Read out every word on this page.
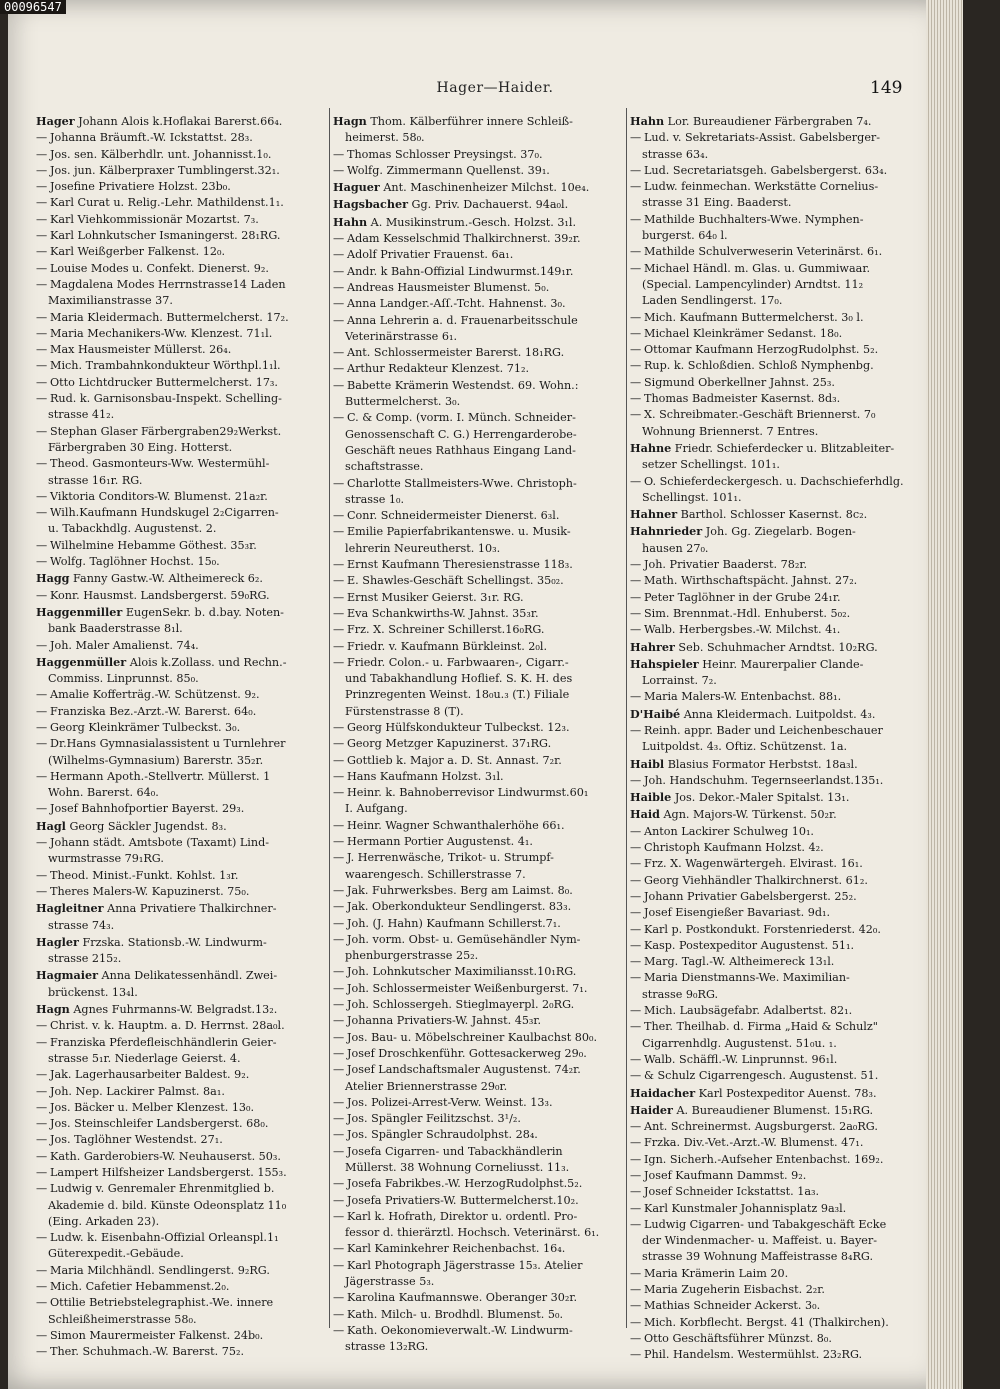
00096547
Hager—Haider.	149
Hager Johann Alois k.Hoflakai Barerst.66₄.
— Johanna Bräumft.-W. Ickstattst. 28₃.
— Jos. sen. Kälberhdlr. unt. Johannisst.1₀.
— Jos. jun. Kälberpraxer Tumblingerst.32₁.
— Josefine Privatiere Holzst. 23b₀.
— Karl Curat u. Relig.-Lehr. Mathildenst.1₁.
— Karl Viehkommissionär Mozartst. 7₃.
— Karl Lohnkutscher Ismaningerst. 28₁RG.
— Karl Weißgerber Falkenst. 12₀.
— Louise Modes u. Confekt. Dienerst. 9₂.
— Magdalena Modes Herrnstrasse14 Laden
Maximilianstrasse 37.
— Maria Kleidermach. Buttermelcherst. 17₂.
— Maria Mechanikers-Ww. Klenzest. 71₁l.
— Max Hausmeister Müllerst. 26₄.
— Mich. Trambahnkondukteur Wörthpl.1₁l.
— Otto Lichtdrucker Buttermelcherst. 17₃.
— Rud. k. Garnisonsbau-Inspekt. Schelling-
strasse 41₂.
— Stephan Glaser Färbergraben29₂Werkst.
Färbergraben 30 Eing. Hotterst.
— Theod. Gasmonteurs-Ww. Westermühl-
strasse 16₁r. RG.
— Viktoria Conditors-W. Blumenst. 21a₂r.
— Wilh.Kaufmann Hundskugel 2₂Cigarren-
u. Tabackhdlg. Augustenst. 2.
— Wilhelmine Hebamme Göthest. 35₃r.
— Wolfg. Taglöhner Hochst. 15₀.
Hagg Fanny Gastw.-W. Altheimereck 6₂.
— Konr. Hausmst. Landsbergerst. 59₀RG.
Haggenmiller EugenSekr. b. d.bay. Noten-
bank Baaderstrasse 8₁l.
— Joh. Maler Amalienst. 74₄.
Haggenmüller Alois k.Zollass. und Rechn.-
Commiss. Linprunnst. 85₀.
— Amalie Kofferträg.-W. Schützenst. 9₂.
— Franziska Bez.-Arzt.-W. Barerst. 64₀.
— Georg Kleinkrämer Tulbeckst. 3₀.
— Dr.Hans Gymnasialassistent u Turnlehrer
(Wilhelms-Gymnasium) Barerstr. 35₂r.
— Hermann Apoth.-Stellvertr. Müllerst. 1
Wohn. Barerst. 64₀.
— Josef Bahnhofportier Bayerst. 29₃.
Hagl Georg Säckler Jugendst. 8₃.
— Johann städt. Amtsbote (Taxamt) Lind-
wurmstrasse 79₁RG.
— Theod. Minist.-Funkt. Kohlst. 1₃r.
— Theres Malers-W. Kapuzinerst. 75₀.
Hagleitner Anna Privatiere Thalkirchner-
strasse 74₃.
Hagler Frzska. Stationsb.-W. Lindwurm-
strasse 215₂.
Hagmaier Anna Delikatessenhändl. Zwei-
brückenst. 13₄l.
Hagn Agnes Fuhrmanns-W. Belgradst.13₂.
— Christ. v. k. Hauptm. a. D. Herrnst. 28a₀l.
— Franziska Pferdefleischhändlerin Geier-
strasse 5₁r. Niederlage Geierst. 4.
— Jak. Lagerhausarbeiter Baldest. 9₂.
— Joh. Nep. Lackirer Palmst. 8a₁.
— Jos. Bäcker u. Melber Klenzest. 13₀.
— Jos. Steinschleifer Landsbergerst. 68₀.
— Jos. Taglöhner Westendst. 27₁.
— Kath. Garderobiers-W. Neuhauserst. 50₃.
— Lampert Hilfsheizer Landsbergerst. 155₃.
— Ludwig v. Genremaler Ehrenmitglied b.
Akademie d. bild. Künste Odeonsplatz 11₀
(Eing. Arkaden 23).
— Ludw. k. Eisenbahn-Offizial Orleanspl.1₁
Güterexpedit.-Gebäude.
— Maria Milchhändl. Sendlingerst. 9₂RG.
— Mich. Cafetier Hebammenst.2₀.
— Ottilie Betriebstelegraphist.-We. innere
Schleißheimerstrasse 58₀.
— Simon Maurermeister Falkenst. 24b₀.
— Ther. Schuhmach.-W. Barerst. 75₂.
Hagn Thom. Kälberführer innere Schleiß-
heimerst. 58₀.
— Thomas Schlosser Preysingst. 37₀.
— Wolfg. Zimmermann Quellenst. 39₁.
Haguer Ant. Maschinenheizer Milchst. 10e₄.
Hagsbacher Gg. Priv. Dachauerst. 94a₀l.
Hahn A. Musikinstrum.-Gesch. Holzst. 3₁l.
— Adam Kesselschmid Thalkirchnerst. 39₂r.
— Adolf Privatier Frauenst. 6a₁.
— Andr. k Bahn-Offizial Lindwurmst.149₁r.
— Andreas Hausmeister Blumenst. 5₀.
— Anna Landger.-Aſſ.-Tcht. Hahnenst. 3₀.
— Anna Lehrerin a. d. Frauenarbeitsschule
Veterinärstrasse 6₁.
— Ant. Schlossermeister Barerst. 18₁RG.
— Arthur Redakteur Klenzest. 71₂.
— Babette Krämerin Westendst. 69. Wohn.:
Buttermelcherst. 3₀.
— C. & Comp. (vorm. I. Münch. Schneider-
Genossenschaft C. G.) Herrengarderobe-
Geschäft neues Rathhaus Eingang Land-
schaftstrasse.
— Charlotte Stallmeisters-Wwe. Christoph-
strasse 1₀.
— Conr. Schneidermeister Dienerst. 6₃l.
— Emilie Papierfabrikantenswe. u. Musik-
lehrerin Neureutherst. 10₃.
— Ernst Kaufmann Theresienstrasse 118₃.
— E. Shawles-Geschäft Schellingst. 35₀₂.
— Ernst Musiker Geierst. 3₁r. RG.
— Eva Schankwirths-W. Jahnst. 35₃r.
— Frz. X. Schreiner Schillerst.16₀RG.
— Friedr. v. Kaufmann Bürkleinst. 2₀l.
— Friedr. Colon.- u. Farbwaaren-, Cigarr.-
und Tabakhandlung Hoflief. S. K. H. des
Prinzregenten Weinst. 18₀u.₃ (T.) Filiale
Fürstenstrasse 8 (T).
— Georg Hülfskondukteur Tulbeckst. 12₃.
— Georg Metzger Kapuzinerst. 37₁RG.
— Gottlieb k. Major a. D. St. Annast. 7₂r.
— Hans Kaufmann Holzst. 3₁l.
— Heinr. k. Bahnoberrevisor Lindwurmst.60₁
I. Aufgang.
— Heinr. Wagner Schwanthalerhöhe 66₁.
— Hermann Portier Augustenst. 4₁.
— J. Herrenwäsche, Trikot- u. Strumpf-
waarengesch. Schillerstrasse 7.
— Jak. Fuhrwerksbes. Berg am Laimst. 8₀.
— Jak. Oberkondukteur Sendlingerst. 83₃.
— Joh. (J. Hahn) Kaufmann Schillerst.7₁.
— Joh. vorm. Obst- u. Gemüsehändler Nym-
phenburgerstrasse 25₂.
— Joh. Lohnkutscher Maximiliansst.10₁RG.
— Joh. Schlossermeister Weißenburgerst. 7₁.
— Joh. Schlossergeh. Stieglmayerpl. 2₀RG.
— Johanna Privatiers-W. Jahnst. 45₃r.
— Jos. Bau- u. Möbelschreiner Kaulbachst 80₀.
— Josef Droschkenführ. Gottesackerweg 29₀.
— Josef Landschaftsmaler Augustenst. 74₂r.
Atelier Briennerstrasse 29₀r.
— Jos. Polizei-Arrest-Verw. Weinst. 13₃.
— Jos. Spängler Feilitzschst. 3¹/₂.
— Jos. Spängler Schraudolphst. 28₄.
— Josefa Cigarren- und Tabackhändlerin
Müllerst. 38 Wohnung Corneliusst. 11₃.
— Josefa Fabrikbes.-W. HerzogRudolphst.5₂.
— Josefa Privatiers-W. Buttermelcherst.10₂.
— Karl k. Hofrath, Direktor u. ordentl. Pro-
fessor d. thierärztl. Hochsch. Veterinärst. 6₁.
— Karl Kaminkehrer Reichenbachst. 16₄.
— Karl Photograph Jägerstrasse 15₃. Atelier
Jägerstrasse 5₃.
— Karolina Kaufmannswe. Oberanger 30₂r.
— Kath. Milch- u. Brodhdl. Blumenst. 5₀.
— Kath. Oekonomieverwalt.-W. Lindwurm-
strasse 13₂RG.
Hahn Lor. Bureaudiener Färbergraben 7₄.
— Lud. v. Sekretariats-Assist. Gabelsberger-
strasse 63₄.
— Lud. Secretariatsgeh. Gabelsbergerst. 63₄.
— Ludw. feinmechan. Werkstätte Cornelius-
strasse 31 Eing. Baaderst.
— Mathilde Buchhalters-Wwe. Nymphen-
burgerst. 64₀ l.
— Mathilde Schulverweserin Veterinärst. 6₁.
— Michael Händl. m. Glas. u. Gummiwaar.
(Special. Lampencylinder) Arndtst. 11₂
Laden Sendlingerst. 17₀.
— Mich. Kaufmann Buttermelcherst. 3₀ l.
— Michael Kleinkrämer Sedanst. 18₀.
— Ottomar Kaufmann HerzogRudolphst. 5₂.
— Rup. k. Schloßdien. Schloß Nymphenbg.
— Sigmund Oberkellner Jahnst. 25₃.
— Thomas Badmeister Kasernst. 8d₃.
— X. Schreibmater.-Geschäft Briennerst. 7₀
Wohnung Briennerst. 7 Entres.
Hahne Friedr. Schieferdecker u. Blitzableiter-
setzer Schellingst. 101₁.
— O. Schieferdeckergesch. u. Dachschieferhdlg.
Schellingst. 101₁.
Hahner Barthol. Schlosser Kasernst. 8c₂.
Hahnrieder Joh. Gg. Ziegelarb. Bogen-
hausen 27₀.
— Joh. Privatier Baaderst. 78₂r.
— Math. Wirthschaftspächt. Jahnst. 27₂.
— Peter Taglöhner in der Grube 24₁r.
— Sim. Brennmat.-Hdl. Enhuberst. 5₀₂.
— Walb. Herbergsbes.-W. Milchst. 4₁.
Hahrer Seb. Schuhmacher Arndtst. 10₂RG.
Hahspieler Heinr. Maurerpalier Clande-
Lorrainst. 7₂.
— Maria Malers-W. Entenbachst. 88₁.
D'Haibé Anna Kleidermach. Luitpoldst. 4₃.
— Reinh. appr. Bader und Leichenbeschauer
Luitpoldst. 4₃. Oftiz. Schützenst. 1a.
Haibl Blasius Formator Herbstst. 18a₃l.
— Joh. Handschuhm. Tegernseerlandst.135₁.
Haible Jos. Dekor.-Maler Spitalst. 13₁.
Haid Agn. Majors-W. Türkenst. 50₂r.
— Anton Lackirer Schulweg 10₁.
— Christoph Kaufmann Holzst. 4₂.
— Frz. X. Wagenwärtergeh. Elvirast. 16₁.
— Georg Viehhändler Thalkirchnerst. 61₂.
— Johann Privatier Gabelsbergerst. 25₂.
— Josef Eisengießer Bavariast. 9d₁.
— Karl p. Postkondukt. Forstenriederst. 42₀.
— Kasp. Postexpeditor Augustenst. 51₁.
— Marg. Tagl.-W. Altheimereck 13₁l.
— Maria Dienstmanns-We. Maximilian-
strasse 9₀RG.
— Mich. Laubsägefabr. Adalbertst. 82₁.
— Ther. Theilhab. d. Firma „Haid & Schulz"
Cigarrenhdlg. Augustenst. 51₀u. ₁.
— Walb. Schäffl.-W. Linprunnst. 96₁l.
— & Schulz Cigarrengesch. Augustenst. 51.
Haidacher Karl Postexpeditor Auenst. 78₃.
Haider A. Bureaudiener Blumenst. 15₁RG.
— Ant. Schreinermst. Augsburgerst. 2a₀RG.
— Frzka. Div.-Vet.-Arzt.-W. Blumenst. 47₁.
— Ign. Sicherh.-Aufseher Entenbachst. 169₂.
— Josef Kaufmann Dammst. 9₂.
— Josef Schneider Ickstattst. 1a₃.
— Karl Kunstmaler Johannisplatz 9a₃l.
— Ludwig Cigarren- und Tabakgeschäft Ecke
der Windenmacher- u. Maffeist. u. Bayer-
strasse 39 Wohnung Maffeistrasse 8₄RG.
— Maria Krämerin Laim 20.
— Maria Zugeherin Eisbachst. 2₂r.
— Mathias Schneider Ackerst. 3₀.
— Mich. Korbflecht. Bergst. 41 (Thalkirchen).
— Otto Geschäftsführer Münzst. 8₀.
— Phil. Handelsm. Westermühlst. 23₂RG.
